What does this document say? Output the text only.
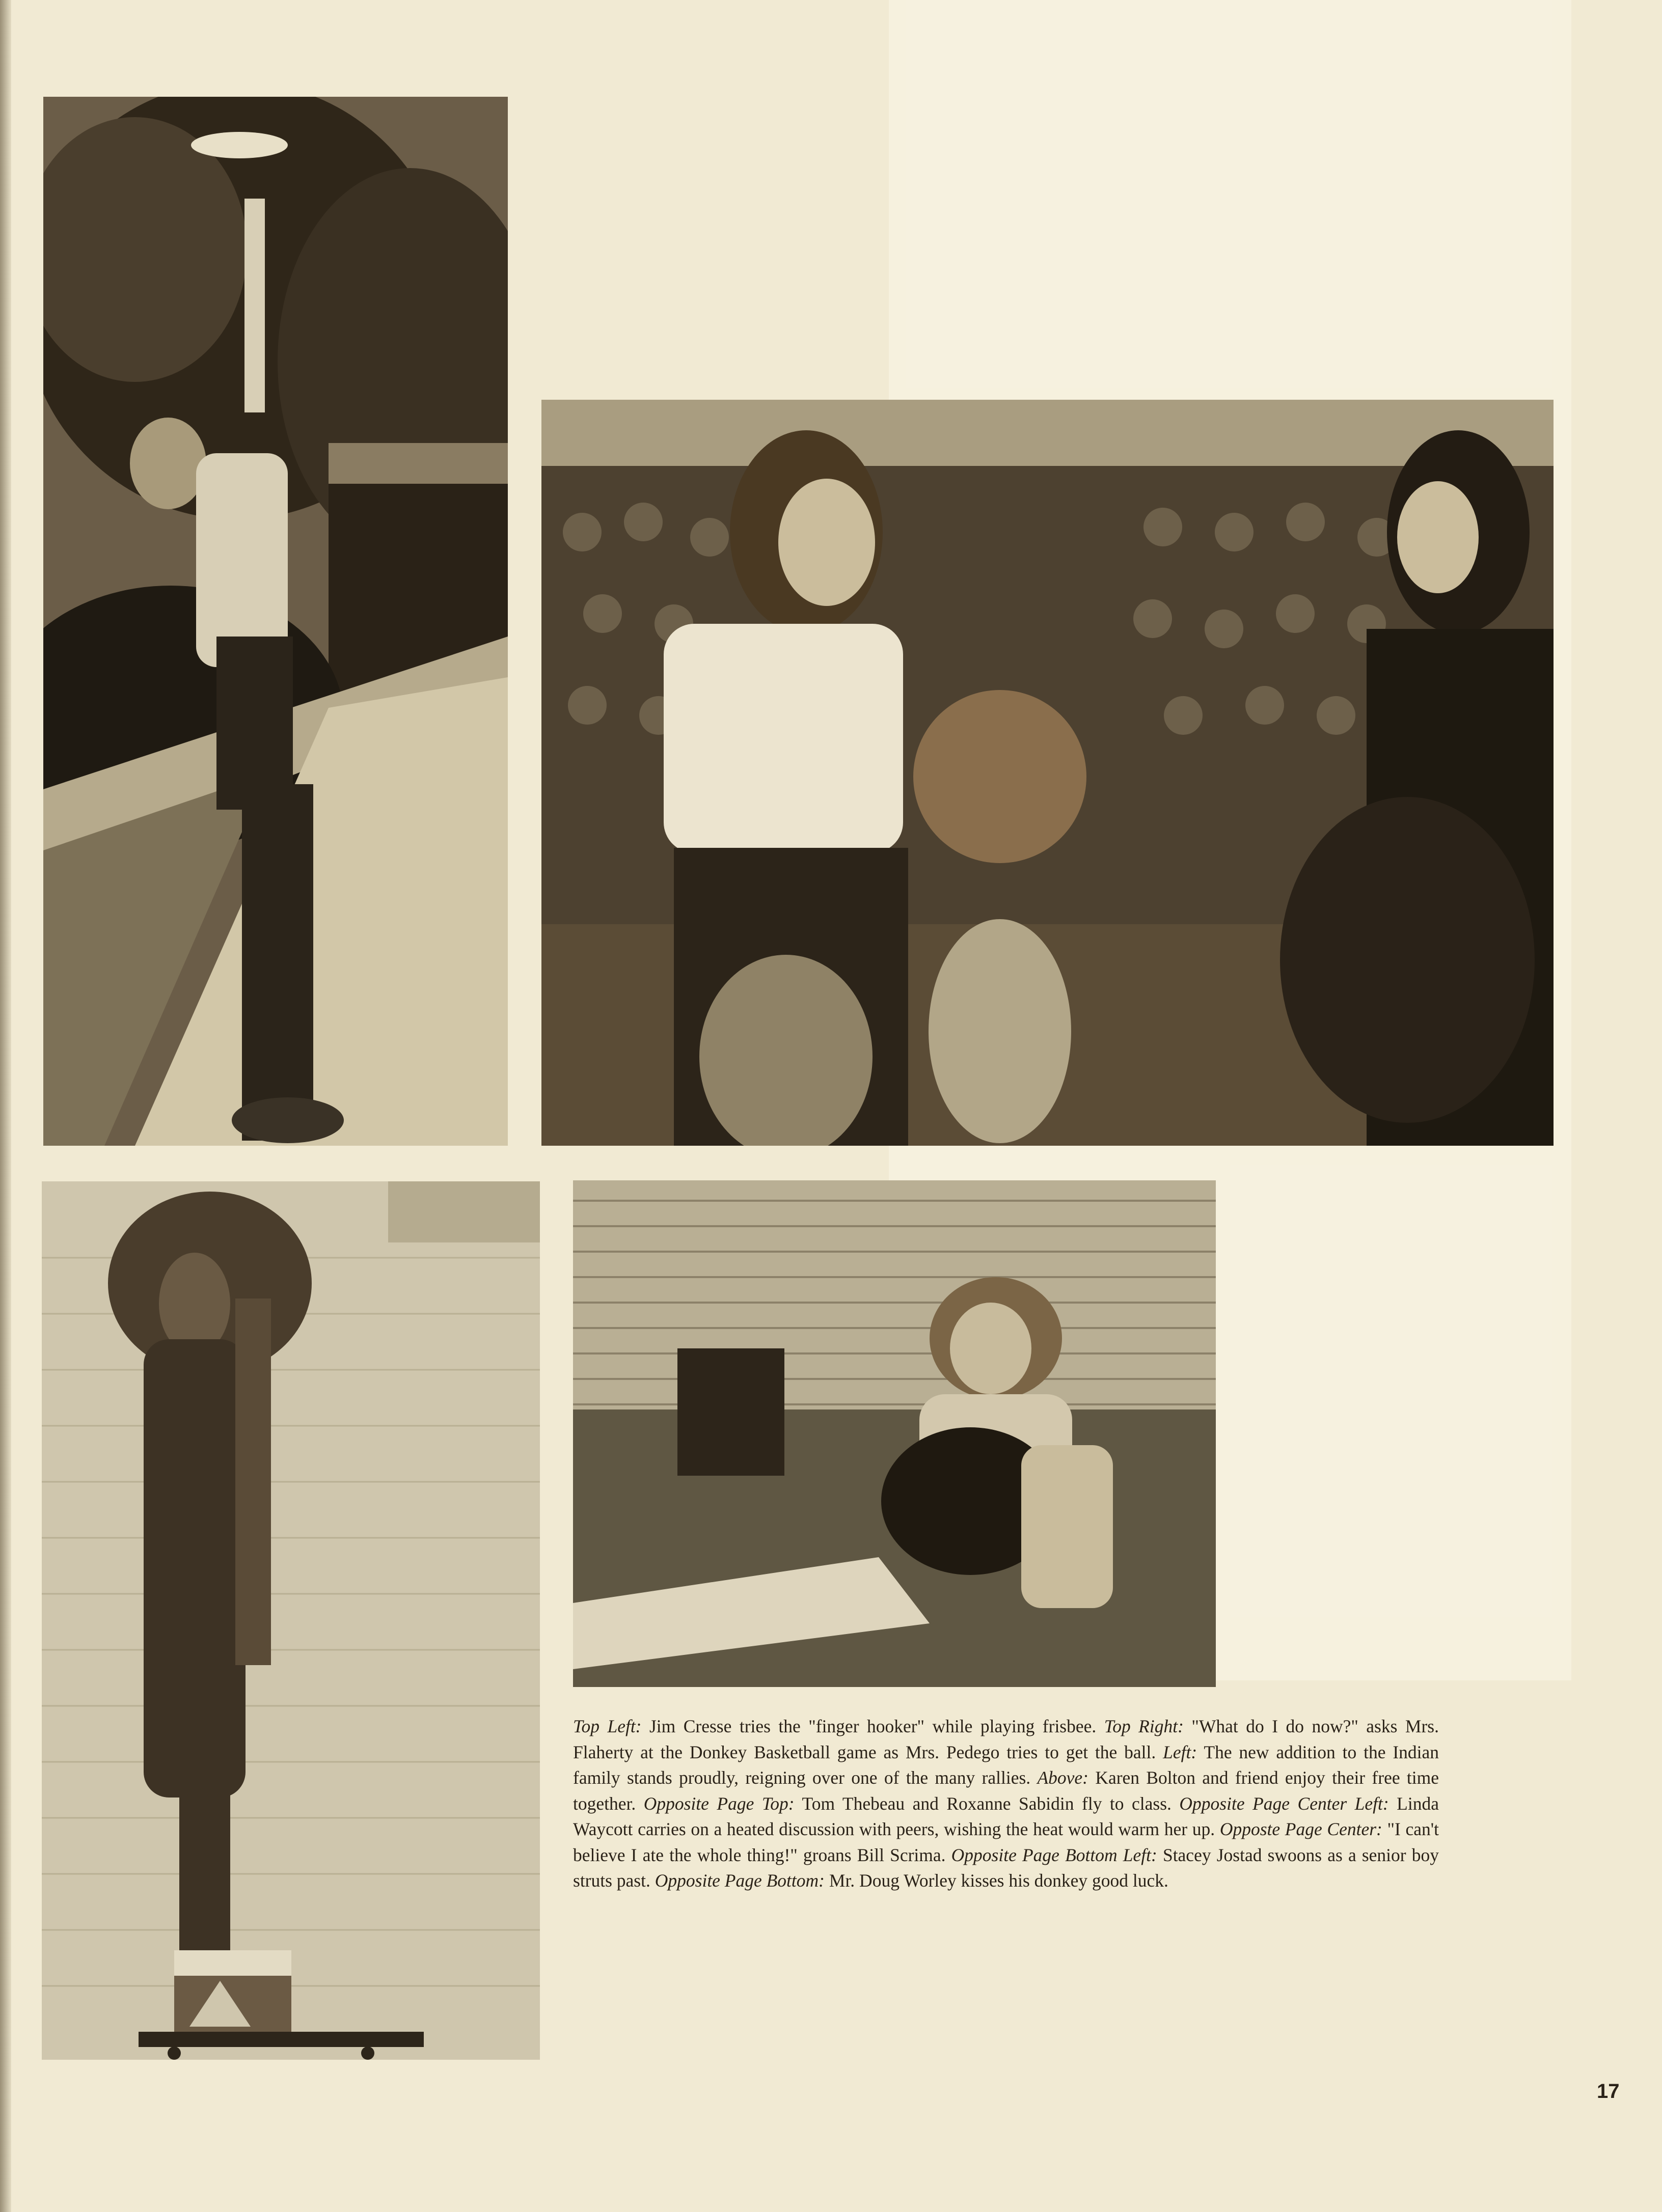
Top Left: Jim Cresse tries the "finger hooker" while playing frisbee. Top Right: "What do I do now?" asks Mrs. Flaherty at the Donkey Basketball game as Mrs. Pedego tries to get the ball. Left: The new addition to the Indian family stands proudly, reigning over one of the many rallies. Above: Karen Bolton and friend enjoy their free time together. Opposite Page Top: Tom Thebeau and Roxanne Sabidin fly to class. Opposite Page Center Left: Linda Waycott carries on a heated discussion with peers, wishing the heat would warm her up. Opposte Page Center: "I can't believe I ate the whole thing!" groans Bill Scrima. Opposite Page Bottom Left: Stacey Jostad swoons as a senior boy struts past. Opposite Page Bottom: Mr. Doug Worley kisses his donkey good luck.
17
